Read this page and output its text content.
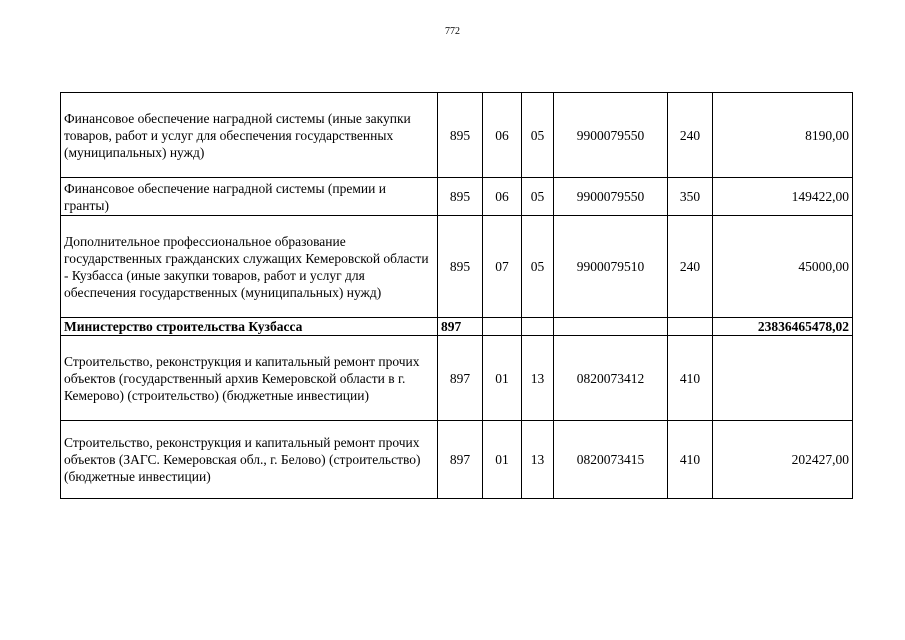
772
Финансовое обеспечение наградной системы (иные закупки товаров, работ и услуг для обеспечения государственных (муниципальных) нужд)	895	06	05	9900079550	240	8190,00
Финансовое обеспечение наградной системы (премии и гранты)	895	06	05	9900079550	350	149422,00
Дополнительное профессиональное образование государственных гражданских служащих Кемеровской области - Кузбасса (иные закупки товаров, работ и услуг для обеспечения государственных (муниципальных) нужд)	895	07	05	9900079510	240	45000,00
Министерство строительства Кузбасса	897					23836465478,02
Строительство, реконструкция и капитальный ремонт прочих объектов (государственный архив Кемеровской области в г. Кемерово) (строительство) (бюджетные инвестиции)	897	01	13	0820073412	410	
Строительство, реконструкция и капитальный ремонт прочих объектов (ЗАГС. Кемеровская обл., г. Белово) (строительство) (бюджетные инвестиции)	897	01	13	0820073415	410	202427,00
